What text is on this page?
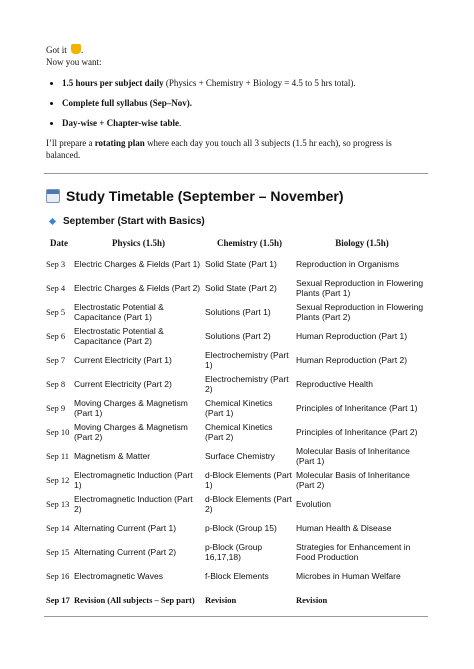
Got it .

Now you want:

• 1.5 hours per subject daily (Physics + Chemistry + Biology = 4.5 to 5 hrs total).
• Complete full syllabus (Sep–Nov).
• Day-wise + Chapter-wise table.

I’ll prepare a rotating plan where each day you touch all 3 subjects (1.5 hr each), so progress is balanced.

Study Timetable (September – November)
September (Start with Basics)
Date	Physics (1.5h)	Chemistry (1.5h)	Biology (1.5h)
Sep 3	Electric Charges & Fields (Part 1)	Solid State (Part 1)	Reproduction in Organisms
Sep 4	Electric Charges & Fields (Part 2)	Solid State (Part 2)	Sexual Reproduction in Flowering Plants (Part 1)
Sep 5	Electrostatic Potential & Capacitance (Part 1)	Solutions (Part 1)	Sexual Reproduction in Flowering Plants (Part 2)
Sep 6	Electrostatic Potential & Capacitance (Part 2)	Solutions (Part 2)	Human Reproduction (Part 1)
Sep 7	Current Electricity (Part 1)	Electrochemistry (Part 1)	Human Reproduction (Part 2)
Sep 8	Current Electricity (Part 2)	Electrochemistry (Part 2)	Reproductive Health
Sep 9	Moving Charges & Magnetism (Part 1)	Chemical Kinetics (Part 1)	Principles of Inheritance (Part 1)
Sep 10	Moving Charges & Magnetism (Part 2)	Chemical Kinetics (Part 2)	Principles of Inheritance (Part 2)
Sep 11	Magnetism & Matter	Surface Chemistry	Molecular Basis of Inheritance (Part 1)
Sep 12	Electromagnetic Induction (Part 1)	d-Block Elements (Part 1)	Molecular Basis of Inheritance (Part 2)
Sep 13	Electromagnetic Induction (Part 2)	d-Block Elements (Part 2)	Evolution
Sep 14	Alternating Current (Part 1)	p-Block (Group 15)	Human Health & Disease
Sep 15	Alternating Current (Part 2)	p-Block (Group 16,17,18)	Strategies for Enhancement in Food Production
Sep 16	Electromagnetic Waves	f-Block Elements	Microbes in Human Welfare
Sep 17	Revision (All subjects – Sep part)	Revision	Revision
